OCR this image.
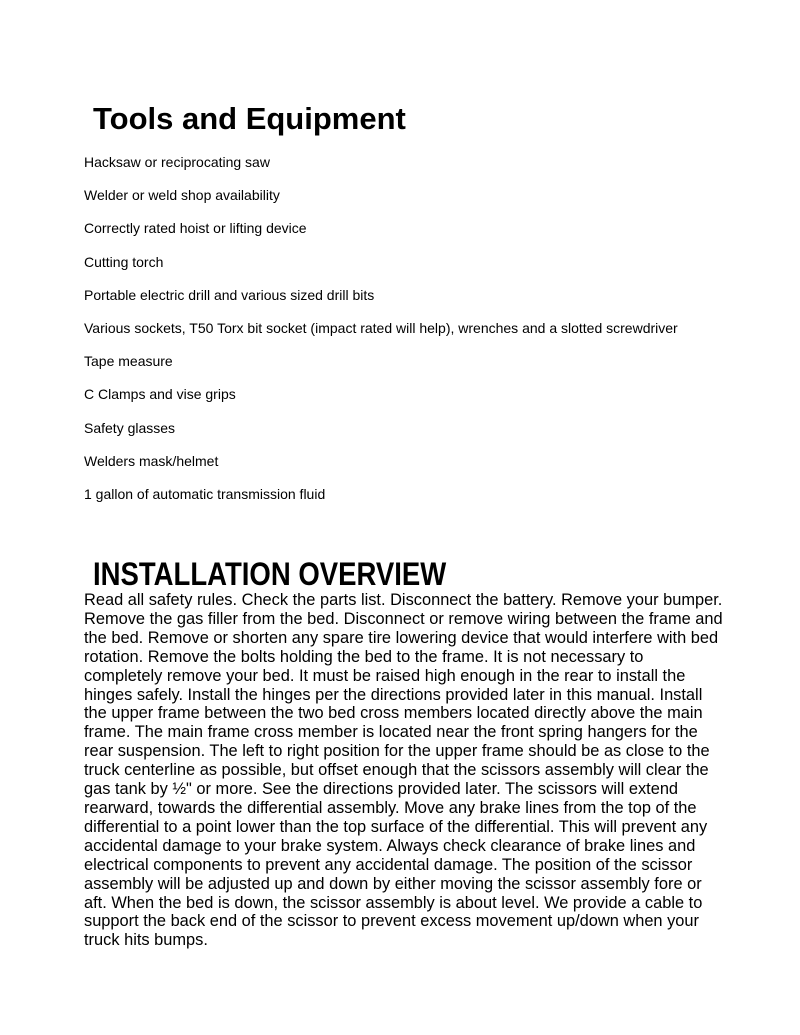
Tools and Equipment
Hacksaw or reciprocating saw
Welder or weld shop availability
Correctly rated hoist or lifting device
Cutting torch
Portable electric drill and various sized drill bits
Various sockets, T50 Torx bit socket (impact rated will help), wrenches and a slotted screwdriver
Tape measure
C Clamps and vise grips
Safety glasses
Welders mask/helmet
1 gallon of automatic transmission fluid
INSTALLATION OVERVIEW

Read all safety rules. Check the parts list. Disconnect the battery. Remove your bumper. Remove the gas filler from the bed. Disconnect or remove wiring between the frame and the bed. Remove or shorten any spare tire lowering device that would interfere with bed rotation. Remove the bolts holding the bed to the frame. It is not necessary to completely remove your bed. It must be raised high enough in the rear to install the hinges safely. Install the hinges per the directions provided later in this manual. Install the upper frame between the two bed cross members located directly above the main frame. The main frame cross member is located near the front spring hangers for the rear suspension. The left to right position for the upper frame should be as close to the truck centerline as possible, but offset enough that the scissors assembly will clear the gas tank by ½" or more. See the directions provided later. The scissors will extend rearward, towards the differential assembly. Move any brake lines from the top of the differential to a point lower than the top surface of the differential. This will prevent any accidental damage to your brake system. Always check clearance of brake lines and electrical components to prevent any accidental damage. The position of the scissor assembly will be adjusted up and down by either moving the scissor assembly fore or aft. When the bed is down, the scissor assembly is about level. We provide a cable to support the back end of the scissor to prevent excess movement up/down when your truck hits bumps.
